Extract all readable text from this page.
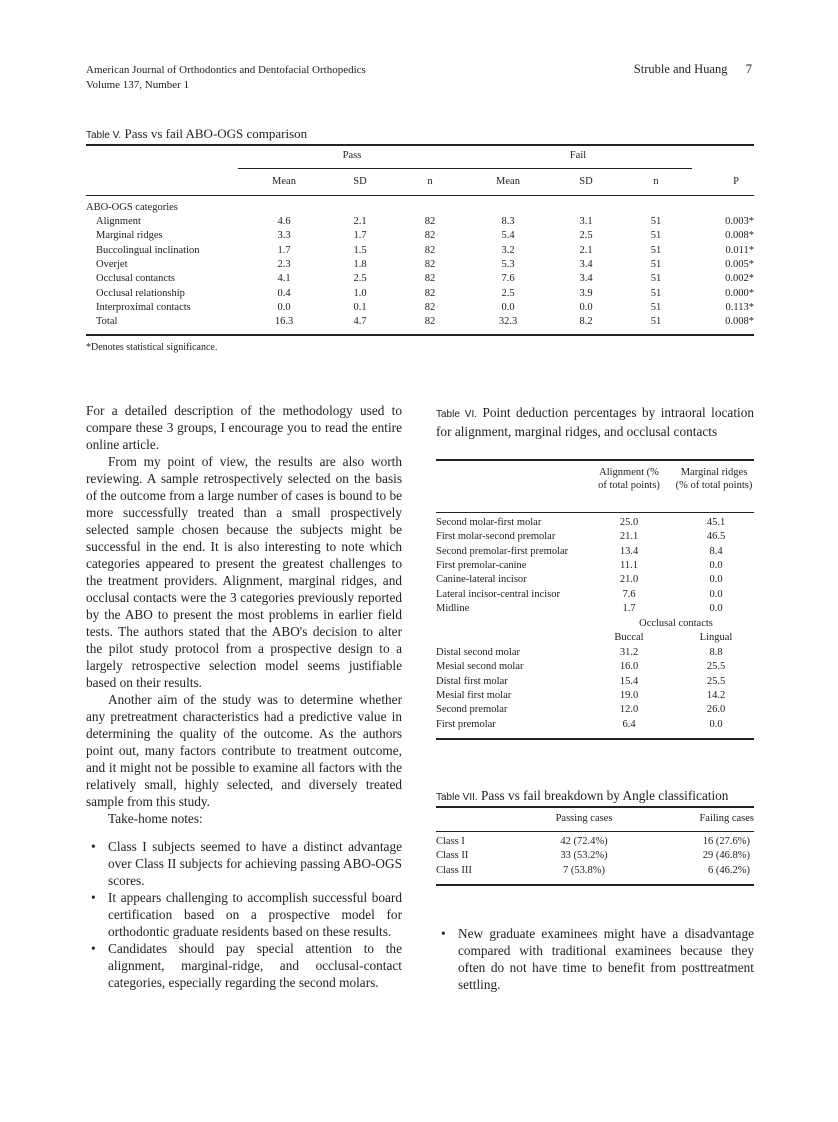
American Journal of Orthodontics and Dentofacial Orthopedics
Volume 137, Number 1
Struble and Huang 7
Table V. Pass vs fail ABO-OGS comparison
Pass	Fail
Mean	SD	n	Mean	SD	n	P
ABO-OGS categories
Alignment	4.6	2.1	82	8.3	3.1	51	0.003*
Marginal ridges	3.3	1.7	82	5.4	2.5	51	0.008*
Buccolingual inclination	1.7	1.5	82	3.2	2.1	51	0.011*
Overjet	2.3	1.8	82	5.3	3.4	51	0.005*
Occlusal contancts	4.1	2.5	82	7.6	3.4	51	0.002*
Occlusal relationship	0.4	1.0	82	2.5	3.9	51	0.000*
Interproximal contacts	0.0	0.1	82	0.0	0.0	51	0.113*
Total	16.3	4.7	82	32.3	8.2	51	0.008*
*Denotes statistical significance.

For a detailed description of the methodology used to compare these 3 groups, I encourage you to read the entire online article.

From my point of view, the results are also worth reviewing. A sample retrospectively selected on the basis of the outcome from a large number of cases is bound to be more successfully treated than a small prospectively selected sample chosen because the subjects might be successful in the end. It is also interesting to note which categories appeared to present the greatest challenges to the treatment providers. Alignment, marginal ridges, and occlusal contacts were the 3 categories previously reported by the ABO to present the most problems in earlier field tests. The authors stated that the ABO's decision to alter the pilot study protocol from a prospective design to a largely retrospective selection model seems justifiable based on their results.

Another aim of the study was to determine whether any pretreatment characteristics had a predictive value in determining the quality of the outcome. As the authors point out, many factors contribute to treatment outcome, and it might not be possible to examine all factors with the relatively small, highly selected, and diversely treated sample from this study.

Take-home notes:

• Class I subjects seemed to have a distinct advantage over Class II subjects for achieving passing ABO-OGS scores.
• It appears challenging to accomplish successful board certification based on a prospective model for orthodontic graduate residents based on these results.
• Candidates should pay special attention to the alignment, marginal-ridge, and occlusal-contact categories, especially regarding the second molars.
Table VI. Point deduction percentages by intraoral location for alignment, marginal ridges, and occlusal contacts
Alignment (% of total points)
Marginal ridges (% of total points)
Second molar-first molar	25.0	45.1
First molar-second premolar	21.1	46.5
Second premolar-first premolar	13.4	8.4
First premolar-canine	11.1	0.0
Canine-lateral incisor	21.0	0.0
Lateral incisor-central incisor	7.6	0.0
Midline	1.7	0.0
Occlusal contacts
Buccal	Lingual
Distal second molar	31.2	8.8
Mesial second molar	16.0	25.5
Distal first molar	15.4	25.5
Mesial first molar	19.0	14.2
Second premolar	12.0	26.0
First premolar	6.4	0.0
Table VII. Pass vs fail breakdown by Angle classification
Passing cases	Failing cases
Class I	42 (72.4%)	16 (27.6%)
Class II	33 (53.2%)	29 (46.8%)
Class III	7 (53.8%)	6 (46.2%)
• New graduate examinees might have a disadvantage compared with traditional examinees because they often do not have time to benefit from posttreatment settling.
